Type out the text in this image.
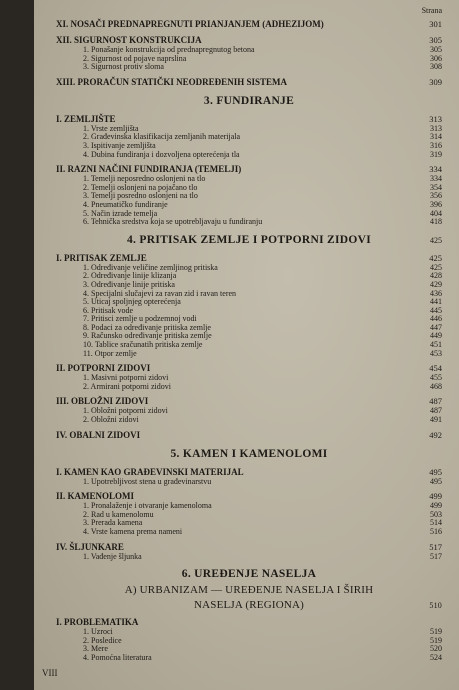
Strana
XI. NOSAČI PREDNAPREGNUTI PRIANJANJEM (ADHEZIJOM)	301
XII. SIGURNOST KONSTRUKCIJA	305
1. Ponašanje konstrukcija od prednapregnutog betona	305
2. Sigurnost od pojave naprslina	306
3. Sigurnost protiv sloma	308
XIII. PRORAČUN STATIČKI NEODREĐENIH SISTEMA	309
3. FUNDIRANJE
I. ZEMLJIŠTE	313
1. Vrste zemljišta	313
2. Građevinska klasifikacija zemljanih materijala	314
3. Ispitivanje zemljišta	316
4. Dubina fundiranja i dozvoljena opterećenja tla	319
II. RAZNI NAČINI FUNDIRANJA (TEMELJI)	334
1. Temelji neposredno oslonjeni na tlo	334
2. Temelji oslonjeni na pojačano tlo	354
3. Temelji posredno oslonjeni na tlo	356
4. Pneumatičko fundiranje	396
5. Način izrade temelja	404
6. Tehnička sredstva koja se upotrebljavaju u fundiranju	418
4. PRITISAK ZEMLJE I POTPORNI ZIDOVI	425
I. PRITISAK ZEMLJE	425
1. Određivanje veličine zemljinog pritiska	425
2. Određivanje linije klizanja	428
3. Određivanje linije pritiska	429
4. Specijalni slučajevi za ravan zid i ravan teren	436
5. Uticaj spoljnjeg opterećenja	441
6. Pritisak vode	445
7. Pritisci zemlje u podzemnoj vodi	446
8. Podaci za određivanje pritiska zemlje	447
9. Računsko određivanje pritiska zemlje	449
10. Tablice sračunatih pritiska zemlje	451
11. Otpor zemlje	453
II. POTPORNI ZIDOVI	454
1. Masivni potporni zidovi	455
2. Armirani potporni zidovi	468
III. OBLOŽNI ZIDOVI	487
1. Obložni potporni zidovi	487
2. Obložni zidovi	491
IV. OBALNI ZIDOVI	492
5. KAMEN I KAMENOLOMI
I. KAMEN KAO GRAĐEVINSKI MATERIJAL	495
1. Upotrebljivost stena u građevinarstvu	495
II. KAMENOLOMI	499
1. Pronalaženje i otvaranje kamenoloma	499
2. Rad u kamenolomu	503
3. Prerada kamena	514
4. Vrste kamena prema nameni	516
IV. ŠLJUNKARE	517
1. Vađenje šljunka	517
6. UREĐENJE NASELJA
A) URBANIZAM — UREĐENJE NASELJA I ŠIRIH
NASELJA (REGIONA)	510
I. PROBLEMATIKA
1. Uzroci	519
2. Posledice	519
3. Mere	520
4. Pomoćna literatura	524
VIII
